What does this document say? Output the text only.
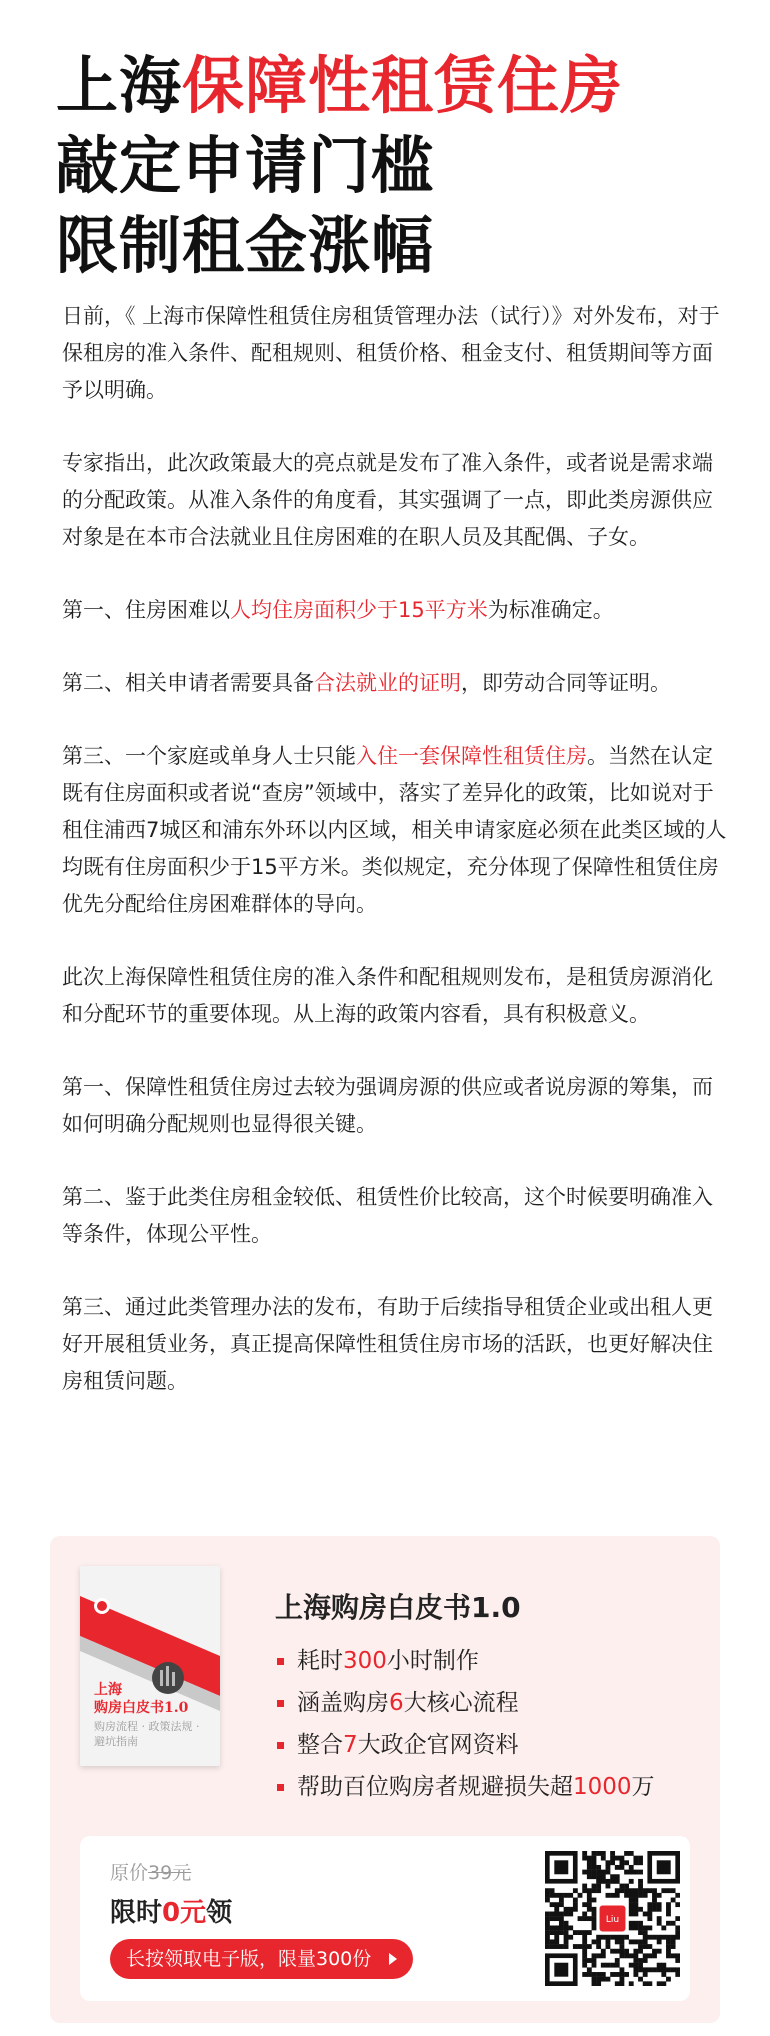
上海保障性租赁住房
敲定申请门槛
限制租金涨幅

日前，《 上海市保障性租赁住房租赁管理办法（试行）》对外发布，对于保租房的准入条件、配租规则、租赁价格、租金支付、租赁期间等方面予以明确。

专家指出，此次政策最大的亮点就是发布了准入条件，或者说是需求端的分配政策。从准入条件的角度看，其实强调了一点，即此类房源供应对象是在本市合法就业且住房困难的在职人员及其配偶、子女。

第一、住房困难以人均住房面积少于15平方米为标准确定。

第二、相关申请者需要具备合法就业的证明，即劳动合同等证明。

第三、一个家庭或单身人士只能入住一套保障性租赁住房。当然在认定既有住房面积或者说“查房”领域中，落实了差异化的政策，比如说对于租住浦西7城区和浦东外环以内区域，相关申请家庭必须在此类区域的人均既有住房面积少于15平方米。类似规定，充分体现了保障性租赁住房优先分配给住房困难群体的导向。

此次上海保障性租赁住房的准入条件和配租规则发布，是租赁房源消化和分配环节的重要体现。从上海的政策内容看，具有积极意义。

第一、保障性租赁住房过去较为强调房源的供应或者说房源的筹集，而如何明确分配规则也显得很关键。

第二、鉴于此类住房租金较低、租赁性价比较高，这个时候要明确准入等条件，体现公平性。

第三、通过此类管理办法的发布，有助于后续指导租赁企业或出租人更好开展租赁业务，真正提高保障性租赁住房市场的活跃，也更好解决住房租赁问题。

上海
购房白皮书1.0
购房流程 · 政策法规 · 避坑指南
上海购房白皮书1.0
耗时300小时制作
涵盖购房6大核心流程
整合7大政企官网资料
帮助百位购房者规避损失超1000万
原价39元
限时0元领
长按领取电子版，限量300份
Liu
